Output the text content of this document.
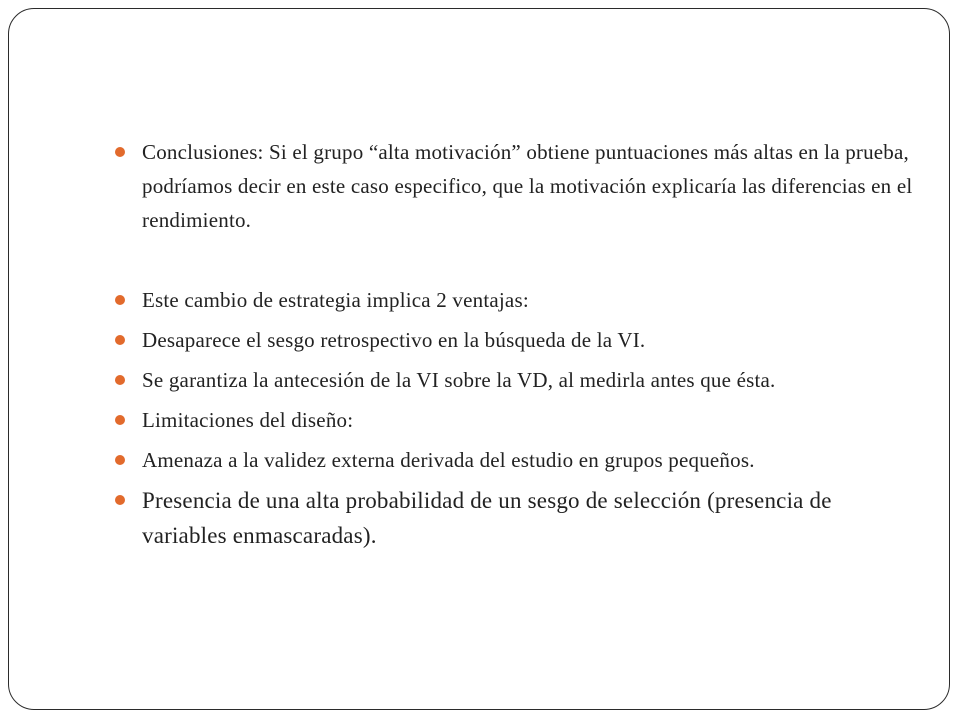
Conclusiones: Si el grupo “alta motivación” obtiene puntuaciones más altas en la prueba, podríamos decir en este caso especifico, que la motivación explicaría las diferencias en el rendimiento.
Este cambio de estrategia implica 2 ventajas:
Desaparece el sesgo retrospectivo en la búsqueda de la VI.
Se garantiza la antecesión de la VI sobre la VD, al medirla antes que ésta.
Limitaciones del diseño:
Amenaza a la validez externa derivada del estudio en grupos pequeños.
Presencia de una alta probabilidad de un sesgo de selección (presencia de variables enmascaradas).
